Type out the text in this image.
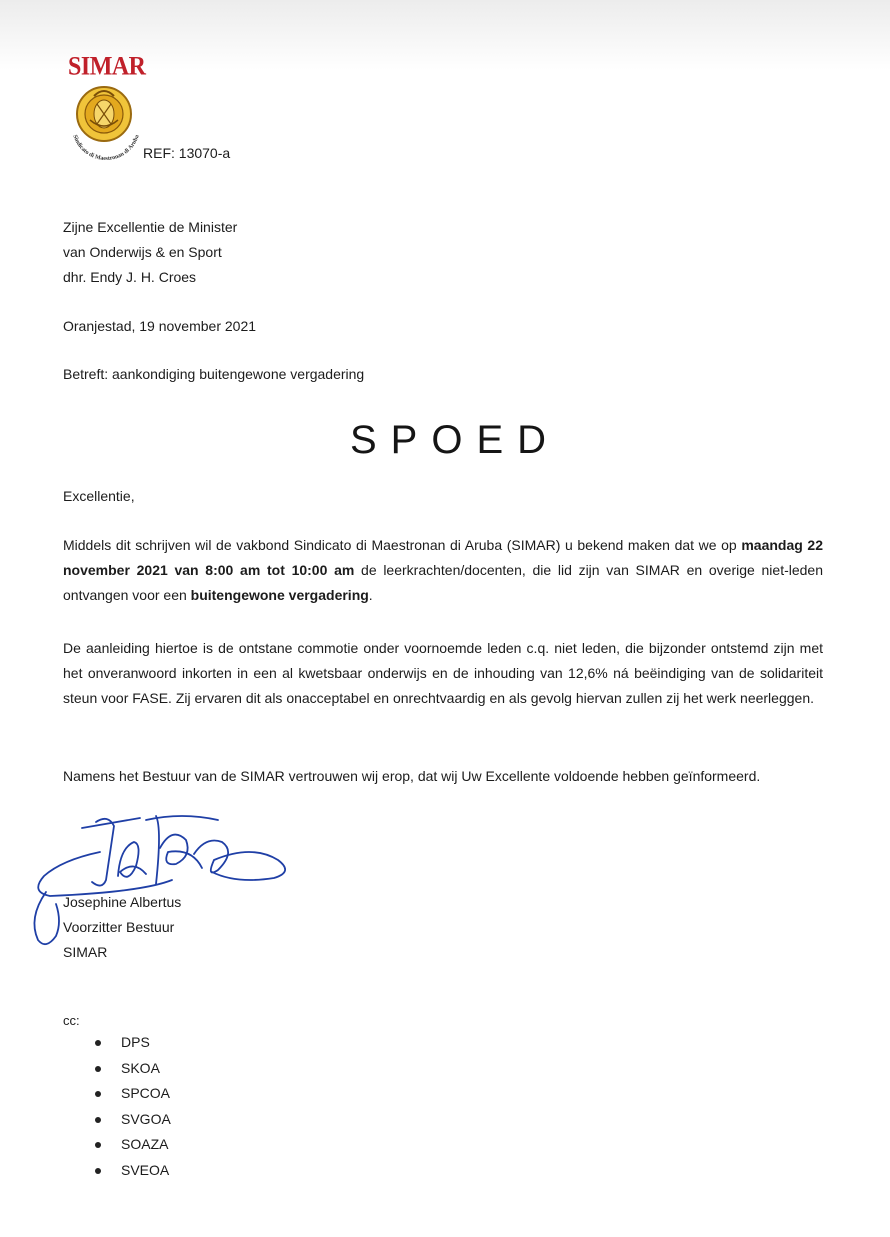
SIMAR
Sindicato di Maestronan di Aruba
REF: 13070-a
Zijne Excellentie de Minister
van Onderwijs & en Sport
dhr. Endy J. H. Croes
Oranjestad, 19 november 2021
Betreft: aankondiging buitengewone vergadering
SPOED
Excellentie,
Middels dit schrijven wil de vakbond Sindicato di Maestronan di Aruba (SIMAR) u bekend maken dat we op maandag 22 november 2021 van 8:00 am tot 10:00 am de leerkrachten/docenten, die lid zijn van SIMAR en overige niet-leden ontvangen voor een buitengewone vergadering.
De aanleiding hiertoe is de ontstane commotie onder voornoemde leden c.q. niet leden, die bijzonder ontstemd zijn met het onveranwoord inkorten in een al kwetsbaar onderwijs en de inhouding van 12,6% ná beëindiging van de solidariteit steun voor FASE. Zij ervaren dit als onacceptabel en onrechtvaardig en als gevolg hiervan zullen zij het werk neerleggen.
Namens het Bestuur van de SIMAR vertrouwen wij erop, dat wij Uw Excellente voldoende hebben geïnformeerd.
Josephine Albertus
Voorzitter Bestuur
SIMAR
cc:
DPS
SKOA
SPCOA
SVGOA
SOAZA
SVEOA
